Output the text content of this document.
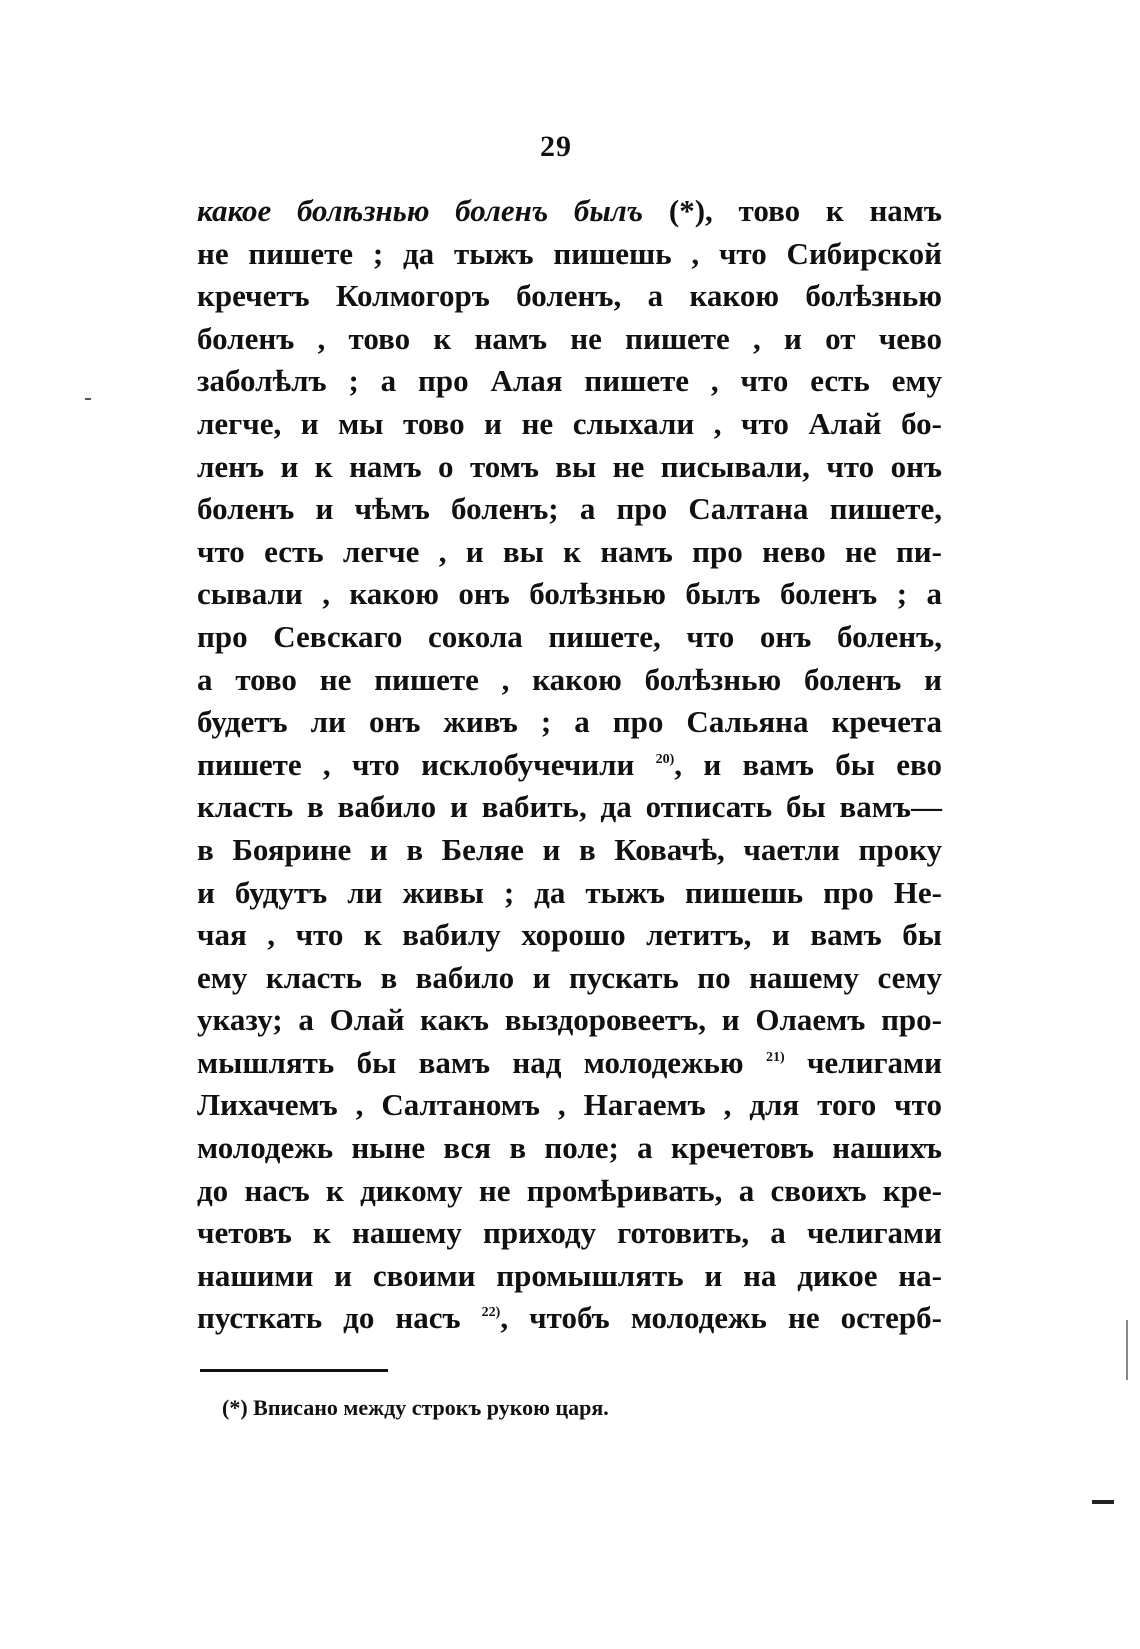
29
какое болѣзнью боленъ былъ (*), тово к намъ
не пишете ; да тыжъ пишешь , что Сибирской
кречетъ Колмогоръ боленъ, а какою болѣзнью
боленъ , тово к намъ не пишете , и от чево
заболѣлъ ; а про Алая пишете , что есть ему
легче, и мы тово и не слыхали , что Алай бо-
ленъ и к намъ о томъ вы не писывали, что онъ
боленъ и чѣмъ боленъ; а про Салтана пишете,
что есть легче , и вы к намъ про нево не пи-
сывали , какою онъ болѣзнью былъ боленъ ; а
про Севскаго сокола пишете, что онъ боленъ,
а тово не пишете , какою болѣзнью боленъ и
будетъ ли онъ живъ ; а про Сальяна кречета
пишете , что исклобучечили $^{20)}$, и вамъ бы ево
класть в вабило и вабить, да отписать бы вамъ—
в Боярине и в Беляе и в Ковачѣ, чаетли проку
и будутъ ли живы ; да тыжъ пишешь про Не-
чая , что к вабилу хорошо летитъ, и вамъ бы
ему класть в вабило и пускать по нашему сему
указу; а Олай какъ выздоровеетъ, и Олаемъ про-
мышлять бы вамъ над молодежью $^{21)}$ челигами
Лихачемъ , Салтаномъ , Нагаемъ , для того что
молодежь ныне вся в поле; а кречетовъ нашихъ
до насъ к дикому не промѣривать, а своихъ кре-
четовъ к нашему приходу готовить, а челигами
нашими и своими промышлять и на дикое на-
пусткать до насъ $^{22)}$, чтобъ молодежь не остерб-
(*) Вписано между строкъ рукою царя.
